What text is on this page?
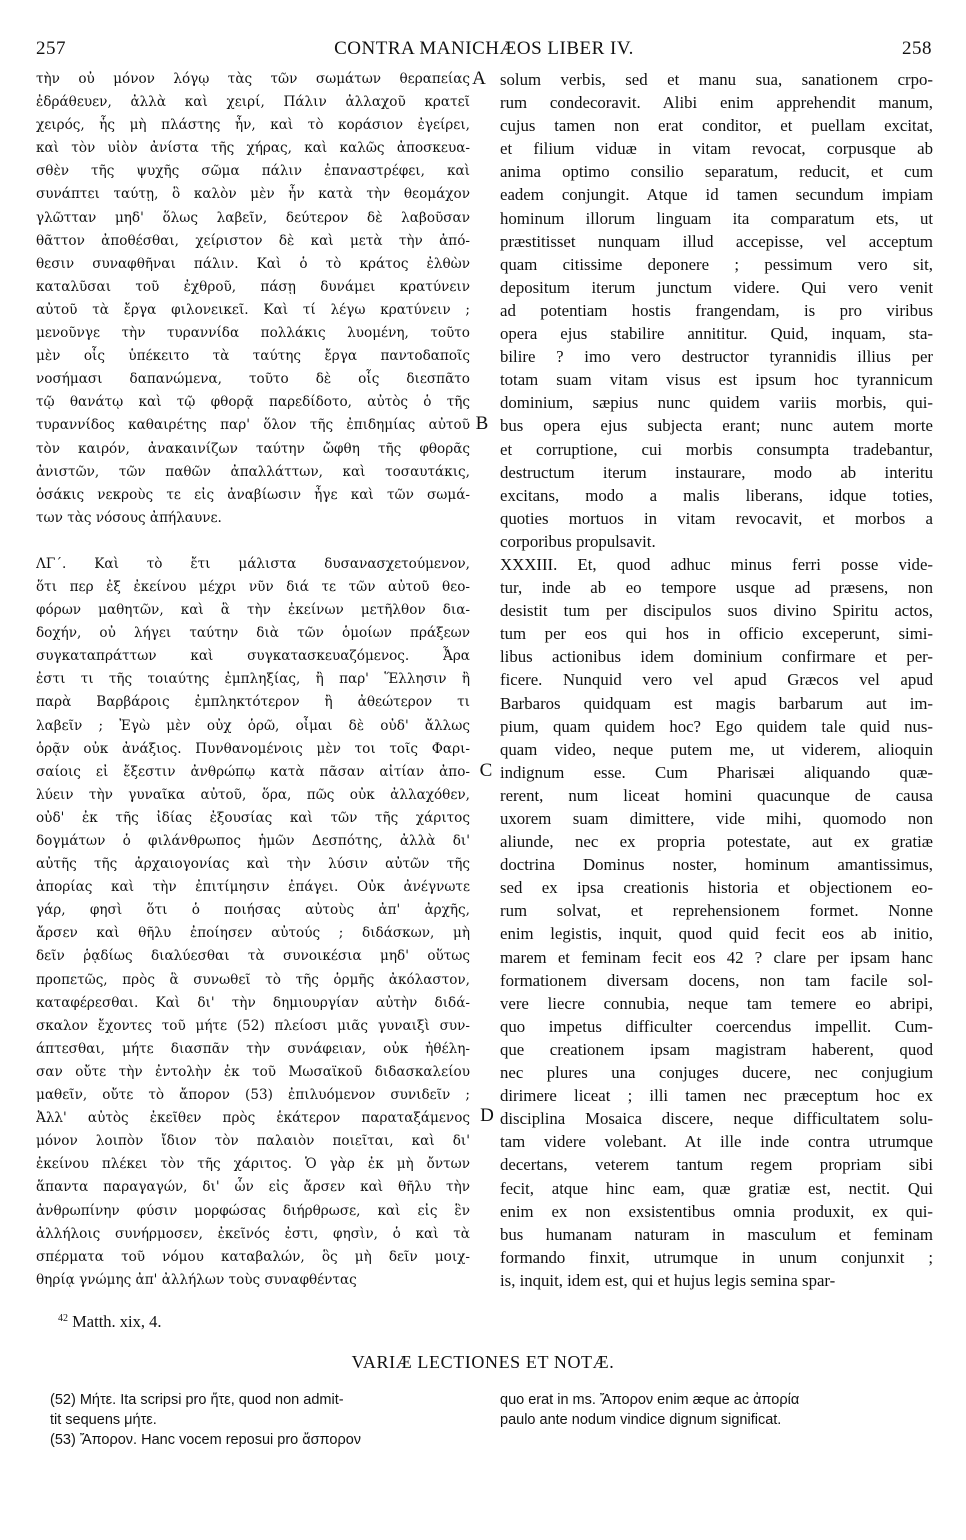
257	CONTRA MANICHÆOS LIBER IV.	258
τὴν οὐ μόνον λόγῳ τὰς τῶν σωμάτων θεραπείας
ἐδράθευεν, ἀλλὰ καὶ χειρί, Πάλιν ἀλλαχοῦ κρατεῖ
χειρός, ἧς μὴ πλάστης ἦν, καὶ τὸ κοράσιον ἐγείρει,
καὶ τὸν υἱὸν ἀνίστα τῆς χήρας, καὶ καλῶς ἀποσκευα-
σθὲν τῆς ψυχῆς σῶμα πάλιν ἐπαναστρέφει, καὶ
συνάπτει ταύτῃ, ὃ καλὸν μὲν ἦν κατὰ τὴν θεομάχον
γλῶτταν μηδ' ὅλως λαβεῖν, δεύτερον δὲ λαβοῦσαν
θᾶττον ἀποθέσθαι, χείριστον δὲ καὶ μετὰ τὴν ἀπό-
θεσιν συναφθῆναι πάλιν. Καὶ ὁ τὸ κράτος ἐλθὼν
καταλῦσαι τοῦ ἐχθροῦ, πάσῃ δυνάμει κρατύνειν
αὐτοῦ τὰ ἔργα φιλονεικεῖ. Καὶ τί λέγω κρατύνειν ;
μενοῦνγε τὴν τυραννίδα πολλάκις λυομένη, τοῦτο
μὲν οἷς ὑπέκειτο τὰ ταύτης ἔργα παντοδαποῖς
νοσήμασι δαπανώμενα, τοῦτο δὲ οἷς διεσπᾶτο
τῷ θανάτῳ καὶ τῷ φθορᾷ παρεδίδοτο, αὐτὸς ὁ τῆς
τυραννίδος καθαιρέτης παρ' ὅλον τῆς ἐπιδημίας αὐτοῦ
τὸν καιρόν, ἀνακαινίζων ταύτην ὤφθη τῆς φθορᾶς
ἀνιστῶν, τῶν παθῶν ἀπαλλάττων, καὶ τοσαυτάκις,
ὁσάκις νεκροὺς τε εἰς ἀναβίωσιν ἦγε καὶ τῶν σωμά-
των τὰς νόσους ἀπήλαυνε.
ΛΓ΄. Καὶ τὸ ἔτι μάλιστα δυσανασχετούμενον,
ὅτι περ ἐξ ἐκείνου μέχρι νῦν διά τε τῶν αὐτοῦ θεο-
φόρων μαθητῶν, καὶ ἃ τὴν ἐκείνων μετῆλθον δια-
δοχήν, οὐ λήγει ταύτην διὰ τῶν ὁμοίων πράξεων
συγκαταπράττων καὶ συγκατασκευαζόμενος. Ἆρα
ἐστι τι τῆς τοιαύτης ἐμπληξίας, ἢ παρ' Ἕλλησιν ἢ
παρὰ Βαρβάροις ἐμπληκτότερον ἢ ἀθεώτερον τι
λαβεῖν ; Ἐγὼ μὲν οὐχ ὁρῶ, οἶμαι δὲ οὐδ' ἄλλως
ὁρᾷν οὐκ ἀνάξιος. Πυνθανομένοις μὲν τοι τοῖς Φαρι-
σαίοις εἰ ἔξεστιν ἀνθρώπῳ κατὰ πᾶσαν αἰτίαν ἀπο-
λύειν τὴν γυναῖκα αὐτοῦ, ὅρα, πῶς οὐκ ἀλλαχόθεν,
οὐδ' ἐκ τῆς ἰδίας ἐξουσίας καὶ τῶν τῆς χάριτος
δογμάτων ὁ φιλάνθρωπος ἡμῶν Δεσπότης, ἀλλὰ δι'
αὐτῆς τῆς ἀρχαιογονίας καὶ τὴν λύσιν αὐτῶν τῆς
ἀπορίας καὶ τὴν ἐπιτίμησιν ἐπάγει. Οὐκ ἀνέγνωτε
γάρ, φησὶ ὅτι ὁ ποιήσας αὐτοὺς ἀπ' ἀρχῆς,
ἄρσεν καὶ θῆλυ ἐποίησεν αὐτούς ; διδάσκων, μὴ
δεῖν ῥᾳδίως διαλύεσθαι τὰ συνοικέσια μηδ' οὕτως
προπετῶς, πρὸς ἃ συνωθεῖ τὸ τῆς ὁρμῆς ἀκόλαστον,
καταφέρεσθαι. Καὶ δι' τὴν δημιουργίαν αὐτὴν διδά-
σκαλον ἔχοντες τοῦ μήτε (52) πλείοσι μιᾶς γυναιξὶ συν-
άπτεσθαι, μήτε διασπᾶν τὴν συνάφειαν, οὐκ ἠθέλη-
σαν οὔτε τὴν ἐντολὴν ἐκ τοῦ Μωσαϊκοῦ διδασκαλείου
μαθεῖν, οὔτε τὸ ἄπορον (53) ἐπιλυόμενον συνιδεῖν ;
Ἀλλ' αὐτὸς ἐκεῖθεν πρὸς ἑκάτερον παραταξάμενος
μόνον λοιπὸν ἴδιον τὸν παλαιὸν ποιεῖται, καὶ δι'
ἐκείνου πλέκει τὸν τῆς χάριτος. Ὁ γὰρ ἐκ μὴ ὄντων
ἅπαντα παραγαγών, δι' ὧν εἰς ἄρσεν καὶ θῆλυ τὴν
ἀνθρωπίνην φύσιν μορφώσας διήρθρωσε, καὶ εἰς ἓν
ἀλλήλοις συνήρμοσεν, ἐκεῖνός ἐστι, φησὶν, ὁ καὶ τὰ
σπέρματα τοῦ νόμου καταβαλών, ὃς μὴ δεῖν μοιχ-
θηρίᾳ γνώμης ἀπ' ἀλλήλων τοὺς συναφθέντας
solum verbis, sed et manu sua, sanationem crpo-
rum condecoravit. Alibi enim apprehendit manum,
cujus tamen non erat conditor, et puellam excitat,
et filium viduæ in vitam revocat, corpusque ab
anima optimo consilio separatum, reducit, et cum
eadem conjungit. Atque id tamen secundum impiam
hominum illorum linguam ita comparatum ets, ut
præstitisset nunquam illud accepisse, vel acceptum
quam citissime deponere ; pessimum vero sit,
depositum iterum junctum videre. Qui vero venit
ad potentiam hostis frangendam, is pro viribus
opera ejus stabilire annititur. Quid, inquam, sta-
bilire ? imo vero destructor tyrannidis illius per
totam suam vitam visus est ipsum hoc tyrannicum
dominium, sæpius nunc quidem variis morbis, qui-
bus opera ejus subjecta erant; nunc autem morte
et corruptione, cui morbis consumpta tradebantur,
destructum iterum instaurare, modo ab interitu
excitans, modo a malis liberans, idque toties,
quoties mortuos in vitam revocavit, et morbos a
corporibus propulsavit.
XXXIII. Et, quod adhuc minus ferri posse vide-
tur, inde ab eo tempore usque ad præsens, non
desistit tum per discipulos suos divino Spiritu actos,
tum per eos qui hos in officio exceperunt, simi-
libus actionibus idem dominium confirmare et per-
ficere. Nunquid vero vel apud Græcos vel apud
Barbaros quidquam est magis barbarum aut im-
pium, quam quidem hoc? Ego quidem tale quid nus-
quam video, neque putem me, ut viderem, alioquin
indignum esse. Cum Pharisæi aliquando quæ-
rerent, num liceat homini quacunque de causa
uxorem suam dimittere, vide mihi, quomodo non
aliunde, nec ex propria potestate, aut ex gratiæ
doctrina Dominus noster, hominum amantissimus,
sed ex ipsa creationis historia et objectionem eo-
rum solvat, et reprehensionem formet. Nonne
enim legistis, inquit, quod quid fecit eos ab initio,
marem et feminam fecit eos 42 ? clare per ipsam hanc
formationem diversam docens, non tam facile sol-
vere liecre connubia, neque tam temere eo abripi,
quo impetus difficulter coercendus impellit. Cum-
que creationem ipsam magistram haberent, quod
nec plures una conjuges ducere, nec conjugium
dirimere liceat ; illi tamen nec præceptum hoc ex
disciplina Mosaica discere, neque difficultatem solu-
tam videre volebant. At ille inde contra utrumque
decertans, veterem tantum regem propriam sibi
fecit, atque hinc eam, quæ gratiæ est, nectit. Qui
enim ex non exsistentibus omnia produxit, ex qui-
bus humanam naturam in masculum et feminam
formando finxit, utrumque in unum conjunxit ;
is, inquit, idem est, qui et hujus legis semina spar-
A
B
C
D
$^{42}$ Matth. xix, 4.
VARIÆ LECTIONES ET NOTÆ.
(52) Μήτε. Ita scripsi pro ἤτε, quod non admit-
tit sequens μήτε.
(53) Ἄπορον. Hanc vocem reposui pro ἄσπορον
quo erat in ms. Ἄπορον enim æque ac ἀπορία
paulo ante nodum vindice dignum significat.
